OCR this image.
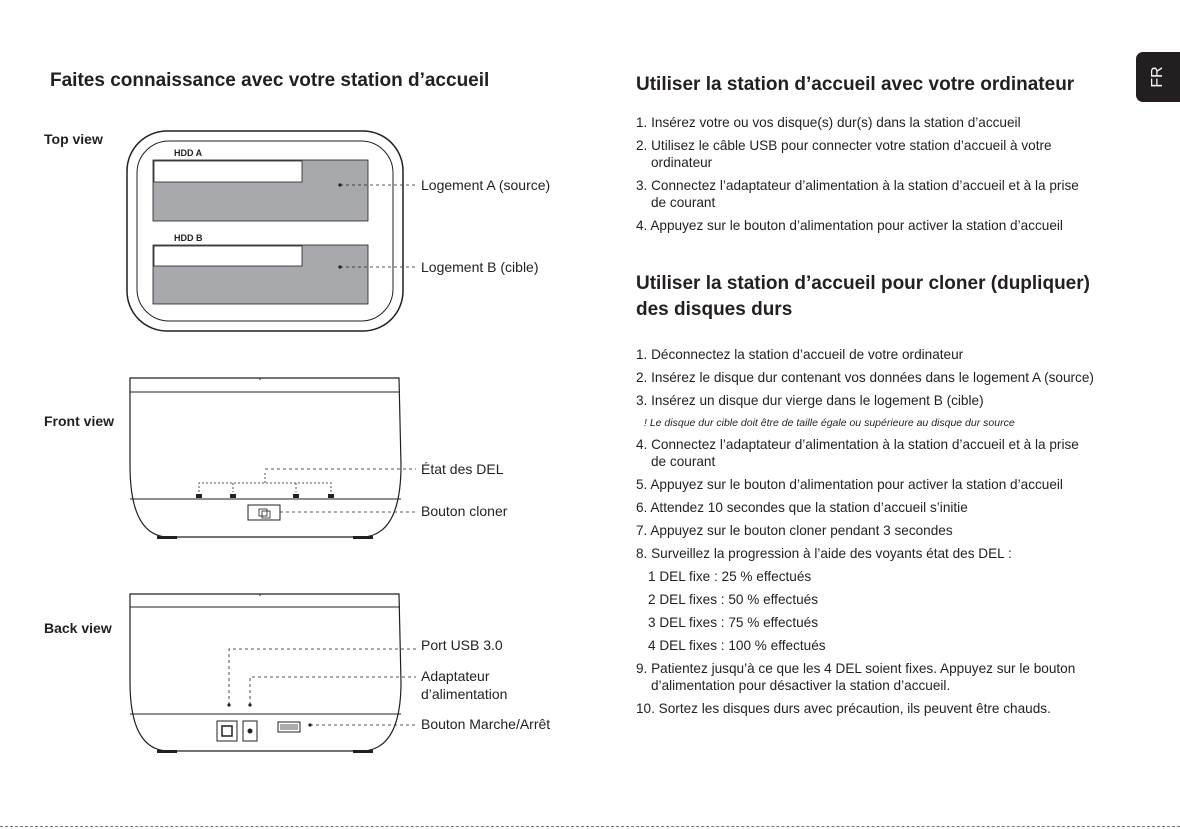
FR
Faites connaissance avec votre station d’accueil
Top view
Front view
Back view
HDD A
HDD B
Logement A (source)
Logement B (cible)
État des DEL
Bouton cloner
Port USB 3.0
Adaptateur
d’alimentation
Bouton Marche/Arrêt
Utiliser la station d’accueil avec votre ordinateur
1. Insérez votre ou vos disque(s) dur(s) dans la station d’accueil
2. Utilisez le câble USB pour connecter votre station d’accueil à votre
ordinateur
3. Connectez l’adaptateur d’alimentation à la station d’accueil et à la prise
de courant
4. Appuyez sur le bouton d’alimentation pour activer la station d’accueil
Utiliser la station d’accueil pour cloner (dupliquer)
des disques durs
1. Déconnectez la station d’accueil de votre ordinateur
2. Insérez le disque dur contenant vos données dans le logement A (source)
3. Insérez un disque dur vierge dans le logement B (cible)
! Le disque dur cible doit être de taille égale ou supérieure au disque dur source
4. Connectez l’adaptateur d’alimentation à la station d’accueil et à la prise
de courant
5. Appuyez sur le bouton d’alimentation pour activer la station d’accueil
6. Attendez 10 secondes que la station d’accueil s’initie
7. Appuyez sur le bouton cloner pendant 3 secondes
8. Surveillez la progression à l’aide des voyants état des DEL :
1 DEL fixe : 25 % effectués
2 DEL fixes : 50 % effectués
3 DEL fixes : 75 % effectués
4 DEL fixes : 100 % effectués
9. Patientez jusqu’à ce que les 4 DEL soient fixes. Appuyez sur le bouton
d’alimentation pour désactiver la station d’accueil.
10. Sortez les disques durs avec précaution, ils peuvent être chauds.
